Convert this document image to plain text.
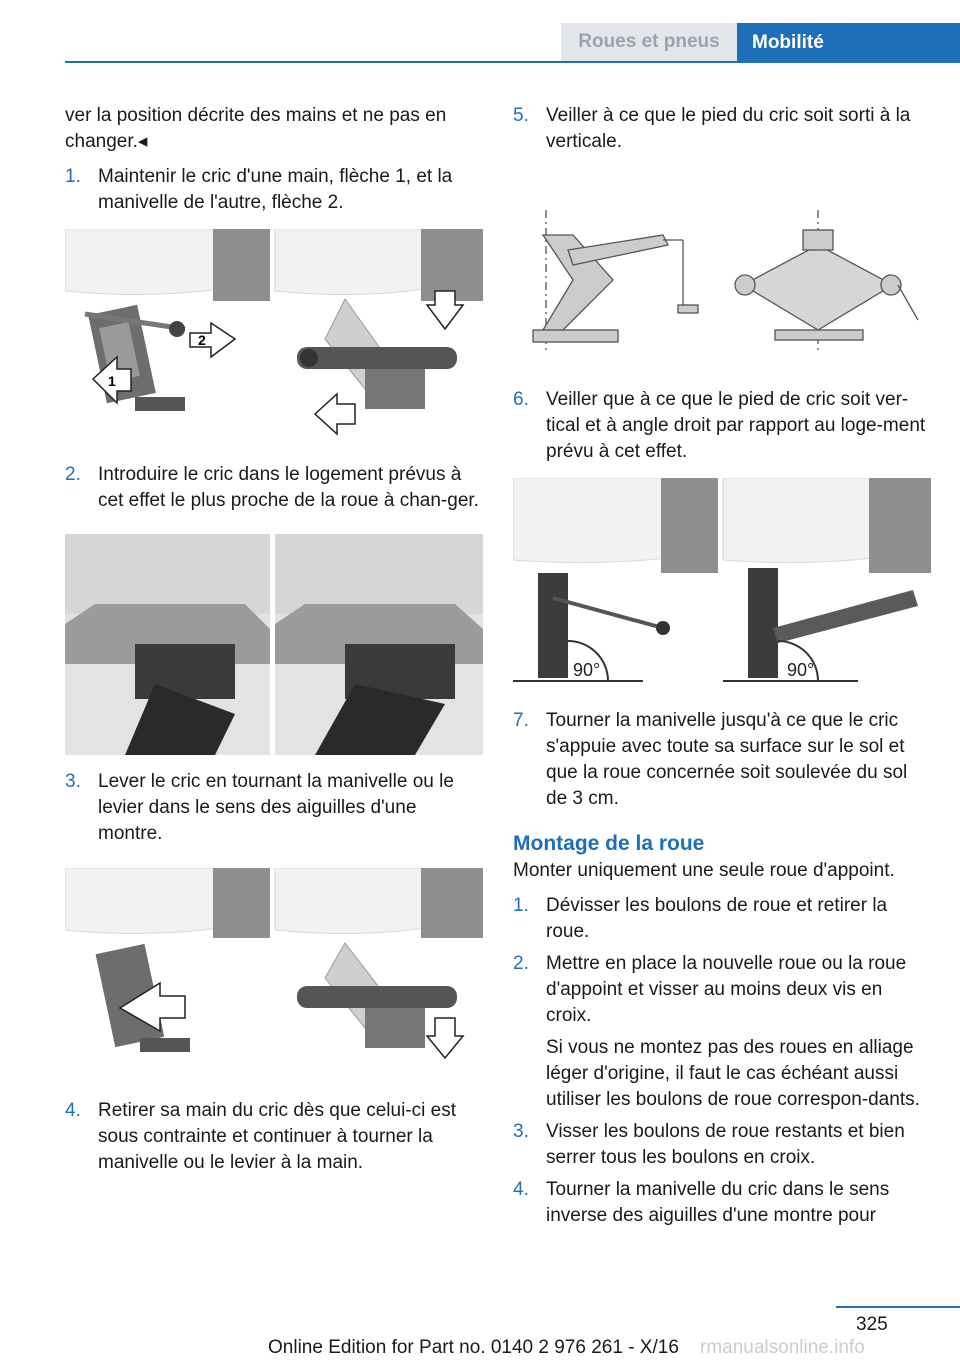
Roues et pneus Mobilité

ver la position décrite des mains et ne pas en changer.◂

1. Maintenir le cric d'une main, flèche 1, et la manivelle de l'autre, flèche 2.
1
2
2. Introduire le cric dans le logement prévus à cet effet le plus proche de la roue à chan‐ger.
3. Lever le cric en tournant la manivelle ou le levier dans le sens des aiguilles d'une montre.
4. Retirer sa main du cric dès que celui-ci est sous contrainte et continuer à tourner la manivelle ou le levier à la main.
5. Veiller à ce que le pied du cric soit sorti à la verticale.
6. Veiller que à ce que le pied de cric soit ver‐tical et à angle droit par rapport au loge‐ment prévu à cet effet.
90°	90°
7. Tourner la manivelle jusqu'à ce que le cric s'appuie avec toute sa surface sur le sol et que la roue concernée soit soulevée du sol de 3 cm.

Montage de la roue

Monter uniquement une seule roue d'appoint.

1. Dévisser les boulons de roue et retirer la roue.
2. Mettre en place la nouvelle roue ou la roue d'appoint et visser au moins deux vis en croix.
Si vous ne montez pas des roues en alliage léger d'origine, il faut le cas échéant aussi utiliser les boulons de roue correspon‐dants.
3. Visser les boulons de roue restants et bien serrer tous les boulons en croix.
4. Tourner la manivelle du cric dans le sens inverse des aiguilles d'une montre pour
325
Online Edition for Part no. 0140 2 976 261 - X/16 rmanualsonline.info
